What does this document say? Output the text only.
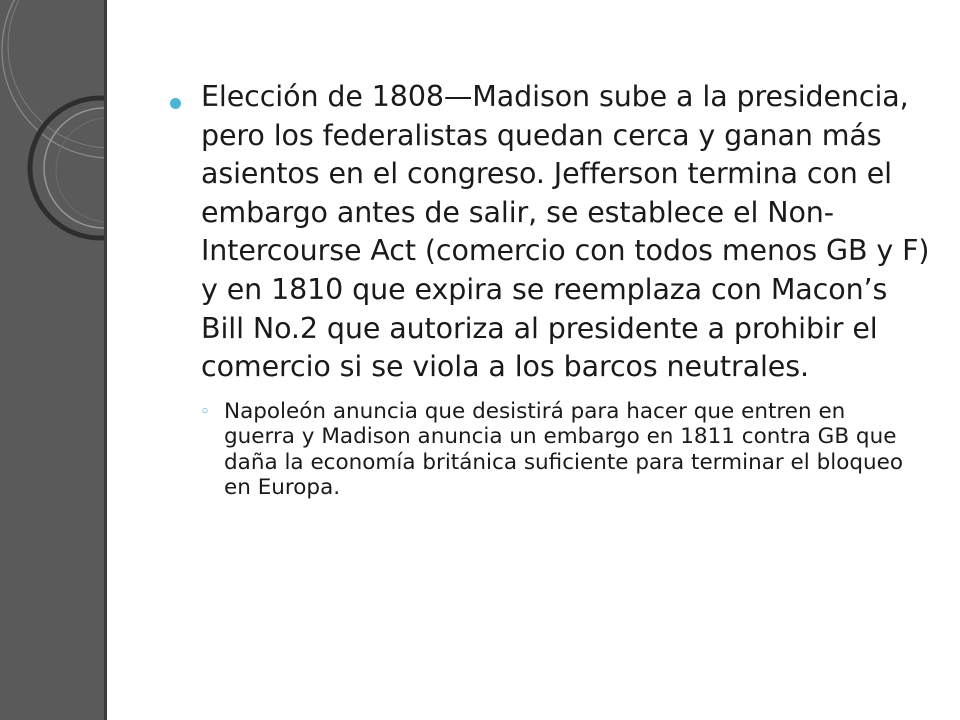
Elección de 1808—Madison sube a la presidencia, pero los federalistas quedan cerca y ganan más asientos en el congreso. Jefferson termina con el embargo antes de salir, se establece el Non-Intercourse Act (comercio con todos menos GB y F) y en 1810 que expira se reemplaza con Macon’s Bill No.2 que autoriza al presidente a prohibir el comercio si se viola a los barcos neutrales.

◦ Napoleón anuncia que desistirá para hacer que entren en guerra y Madison anuncia un embargo en 1811 contra GB que daña la economía británica suficiente para terminar el bloqueo en Europa.
